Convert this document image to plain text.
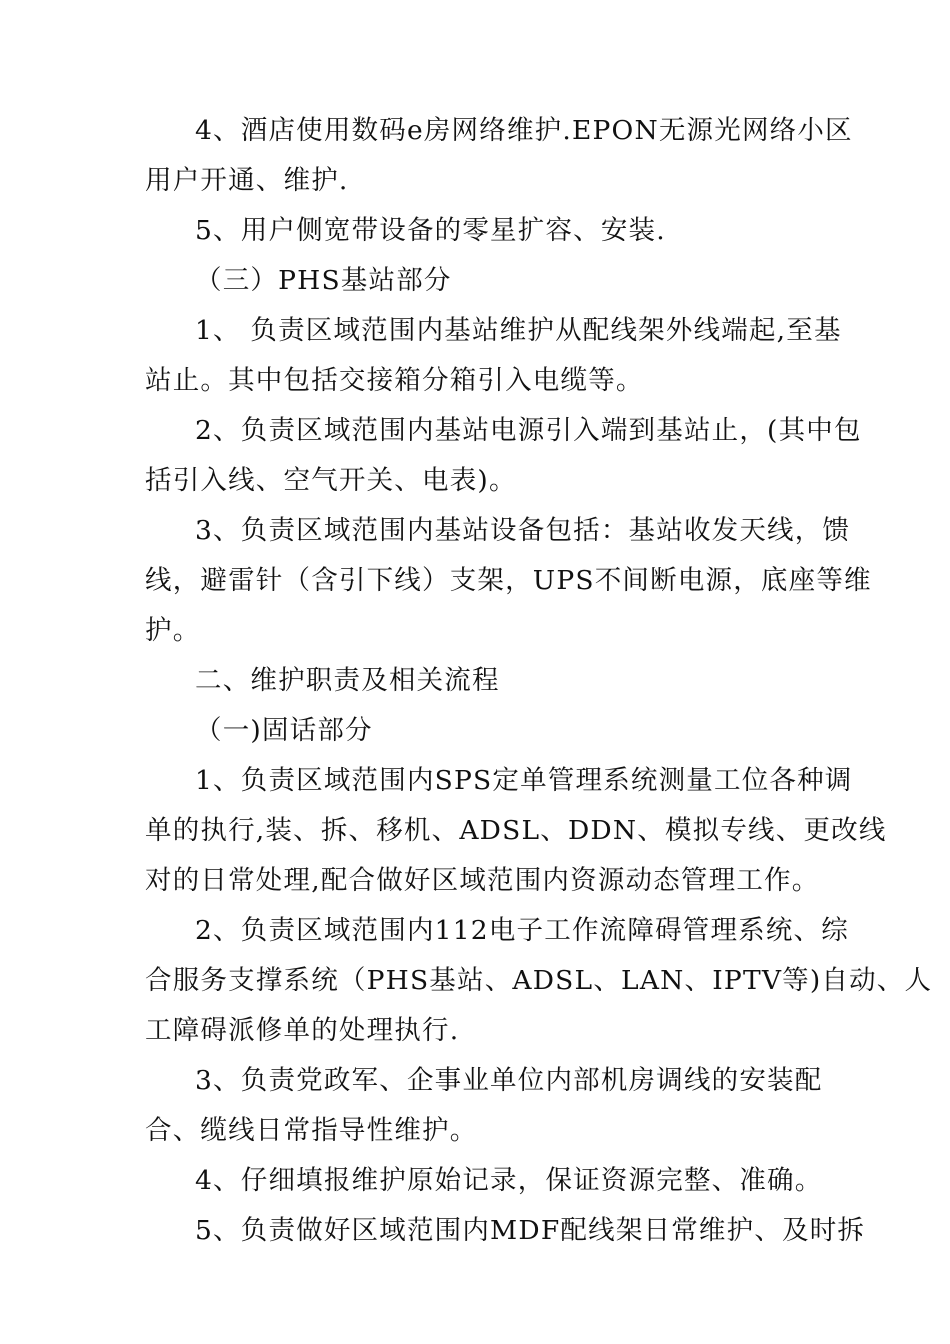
4、酒店使用数码e房网络维护.EPON无源光网络小区
用户开通、维护.
5、用户侧宽带设备的零星扩容、安装.
（三）PHS基站部分
1、 负责区域范围内基站维护从配线架外线端起,至基
站止。其中包括交接箱分箱引入电缆等。
2、负责区域范围内基站电源引入端到基站止，(其中包
括引入线、空气开关、电表)。
3、负责区域范围内基站设备包括：基站收发天线，馈
线，避雷针（含引下线）支架，UPS不间断电源，底座等维
护。
二、维护职责及相关流程
（一)固话部分
1、负责区域范围内SPS定单管理系统测量工位各种调
单的执行,装、拆、移机、ADSL、DDN、模拟专线、更改线
对的日常处理,配合做好区域范围内资源动态管理工作。
2、负责区域范围内112电子工作流障碍管理系统、综
合服务支撑系统（PHS基站、ADSL、LAN、IPTV等)自动、人
工障碍派修单的处理执行.
3、负责党政军、企事业单位内部机房调线的安装配
合、缆线日常指导性维护。
4、仔细填报维护原始记录，保证资源完整、准确。
5、负责做好区域范围内MDF配线架日常维护、及时拆
